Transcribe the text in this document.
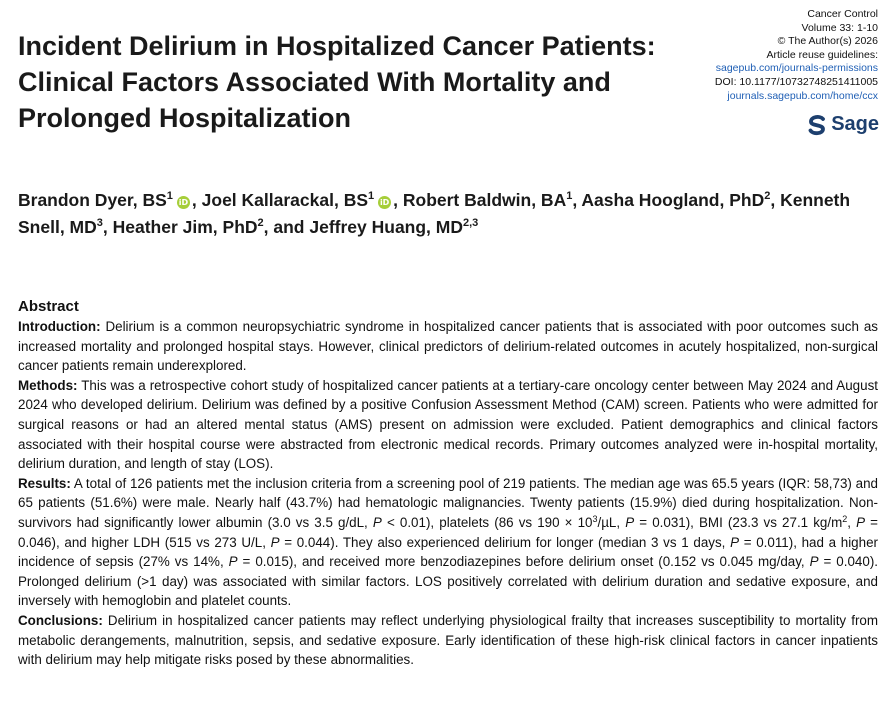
Incident Delirium in Hospitalized Cancer Patients: Clinical Factors Associated With Mortality and Prolonged Hospitalization
Cancer Control
Volume 33: 1-10
© The Author(s) 2026
Article reuse guidelines:
sagepub.com/journals-permissions
DOI: 10.1177/10732748251411005
journals.sagepub.com/home/ccx
Sage
Brandon Dyer, $BS^1iD$ , Joel Kallarackal, $BS^1iD$ , Robert Baldwin, $BA^1$, Aasha Hoogland, PhD$^2$, Kenneth Snell, $MD^3$, Heather Jim, PhD$^2$, and Jeffrey Huang, MD$^{2,3}$
Abstract

Introduction: Delirium is a common neuropsychiatric syndrome in hospitalized cancer patients that is associated with poor outcomes such as increased mortality and prolonged hospital stays. However, clinical predictors of delirium-related outcomes in acutely hospitalized, non-surgical cancer patients remain underexplored.

Methods: This was a retrospective cohort study of hospitalized cancer patients at a tertiary-care oncology center between May 2024 and August 2024 who developed delirium. Delirium was defined by a positive Confusion Assessment Method (CAM) screen. Patients who were admitted for surgical reasons or had an altered mental status (AMS) present on admission were excluded. Patient demographics and clinical factors associated with their hospital course were abstracted from electronic medical records. Primary outcomes analyzed were in-hospital mortality, delirium duration, and length of stay (LOS).

Results: A total of 126 patients met the inclusion criteria from a screening pool of 219 patients. The median age was 65.5 years (IQR: 58,73) and 65 patients (51.6%) were male. Nearly half (43.7%) had hematologic malignancies. Twenty patients (15.9%) died during hospitalization. Non-survivors had significantly lower albumin (3.0 vs 3.5 g/dL, P < 0.01), platelets (86 vs $190 \times 10^3/\mu L$, P = 0.031), BMI (23.3 vs 27.1 $kg/m^2$, P = 0.046), and higher LDH (515 vs 273 U/L, P = 0.044). They also experienced delirium for longer (median 3 vs 1 days, P = 0.011), had a higher incidence of sepsis (27% vs 14%, P = 0.015), and received more benzodiazepines before delirium onset (0.152 vs 0.045 mg/day, P = 0.040). Prolonged delirium (>1 day) was associated with similar factors. LOS positively correlated with delirium duration and sedative exposure, and inversely with hemoglobin and platelet counts.

Conclusions: Delirium in hospitalized cancer patients may reflect underlying physiological frailty that increases susceptibility to mortality from metabolic derangements, malnutrition, sepsis, and sedative exposure. Early identification of these high-risk clinical factors in cancer inpatients with delirium may help mitigate risks posed by these abnormalities.
